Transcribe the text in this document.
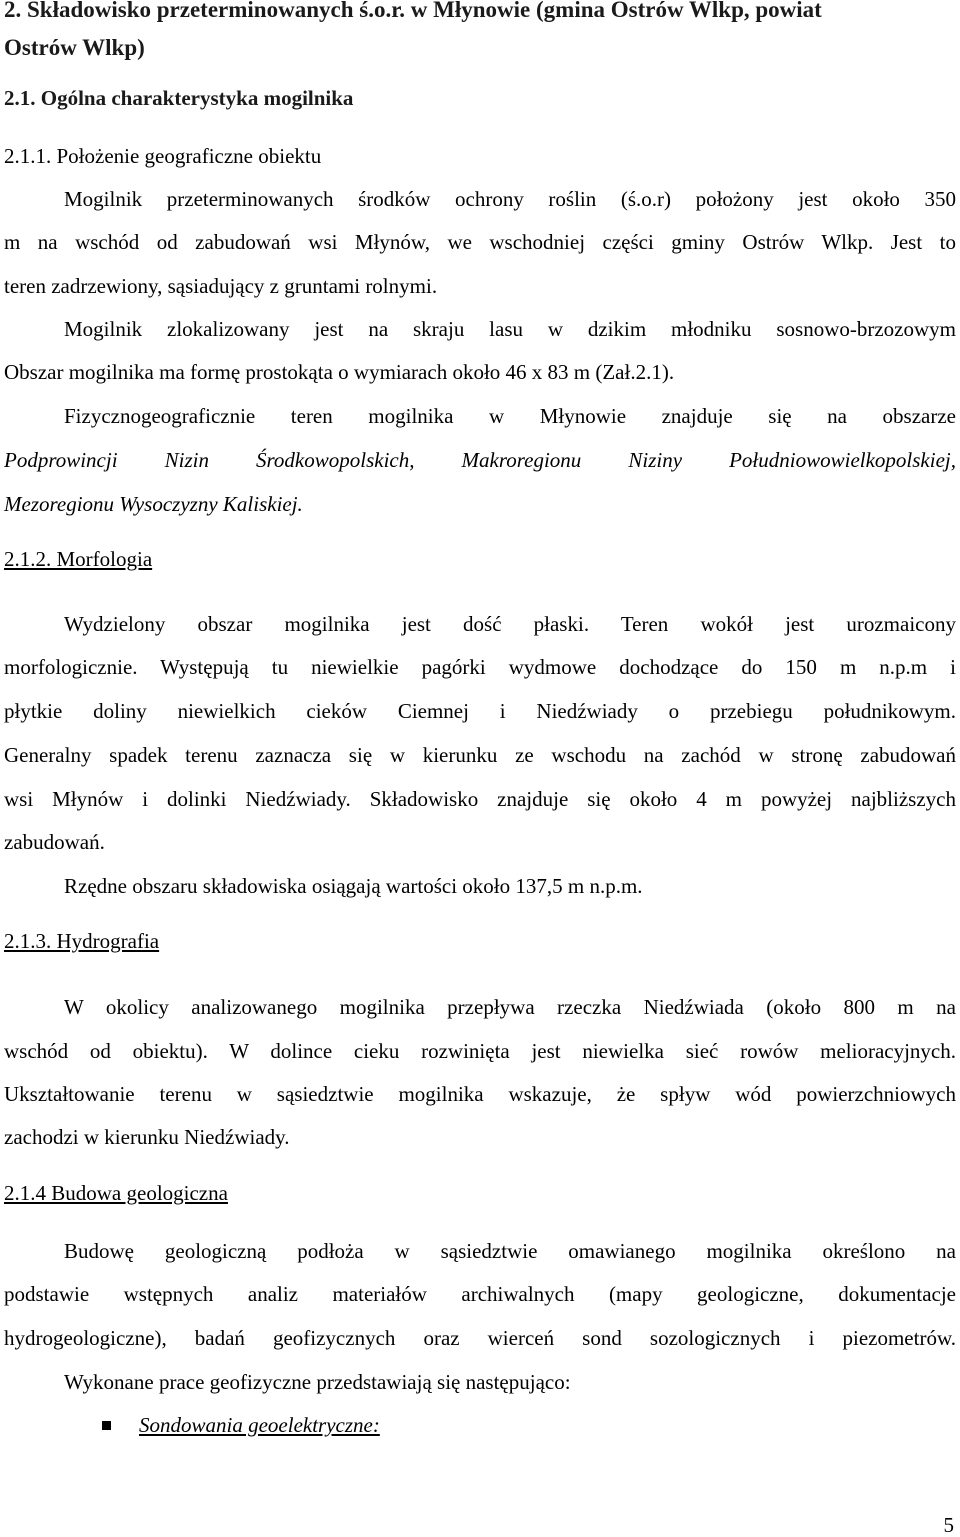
2. Składowisko przeterminowanych ś.o.r. w Młynowie (gmina Ostrów Wlkp, powiat

Ostrów Wlkp)

2.1. Ogólna charakterystyka mogilnika

2.1.1. Położenie geograficzne obiektu

Mogilnik przeterminowanych środków ochrony roślin (ś.o.r) położony jest około 350

m na wschód od zabudowań wsi Młynów, we wschodniej części gminy Ostrów Wlkp. Jest to

teren zadrzewiony, sąsiadujący z gruntami rolnymi.

Mogilnik zlokalizowany jest na skraju lasu w dzikim młodniku sosnowo-brzozowym

Obszar mogilnika ma formę prostokąta o wymiarach około 46 x 83 m (Zał.2.1).

Fizycznogeograficznie teren mogilnika w Młynowie znajduje się na obszarze

Podprowincji Nizin Środkowopolskich, Makroregionu Niziny Południowowielkopolskiej,

Mezoregionu Wysoczyzny Kaliskiej.

2.1.2. Morfologia

Wydzielony obszar mogilnika jest dość płaski. Teren wokół jest urozmaicony

morfologicznie. Występują tu niewielkie pagórki wydmowe dochodzące do 150 m n.p.m i

płytkie doliny niewielkich cieków Ciemnej i Niedźwiady o przebiegu południkowym.

Generalny spadek terenu zaznacza się w kierunku ze wschodu na zachód w stronę zabudowań

wsi Młynów i dolinki Niedźwiady. Składowisko znajduje się około 4 m powyżej najbliższych

zabudowań.

Rzędne obszaru składowiska osiągają wartości około 137,5 m n.p.m.

2.1.3. Hydrografia

W okolicy analizowanego mogilnika przepływa rzeczka Niedźwiada (około 800 m na

wschód od obiektu). W dolince cieku rozwinięta jest niewielka sieć rowów melioracyjnych.

Ukształtowanie terenu w sąsiedztwie mogilnika wskazuje, że spływ wód powierzchniowych

zachodzi w kierunku Niedźwiady.

2.1.4 Budowa geologiczna

Budowę geologiczną podłoża w sąsiedztwie omawianego mogilnika określono na

podstawie wstępnych analiz materiałów archiwalnych (mapy geologiczne, dokumentacje

hydrogeologiczne), badań geofizycznych oraz wierceń sond sozologicznych i piezometrów.

Wykonane prace geofizyczne przedstawiają się następująco:

Sondowania geoelektryczne:
5
